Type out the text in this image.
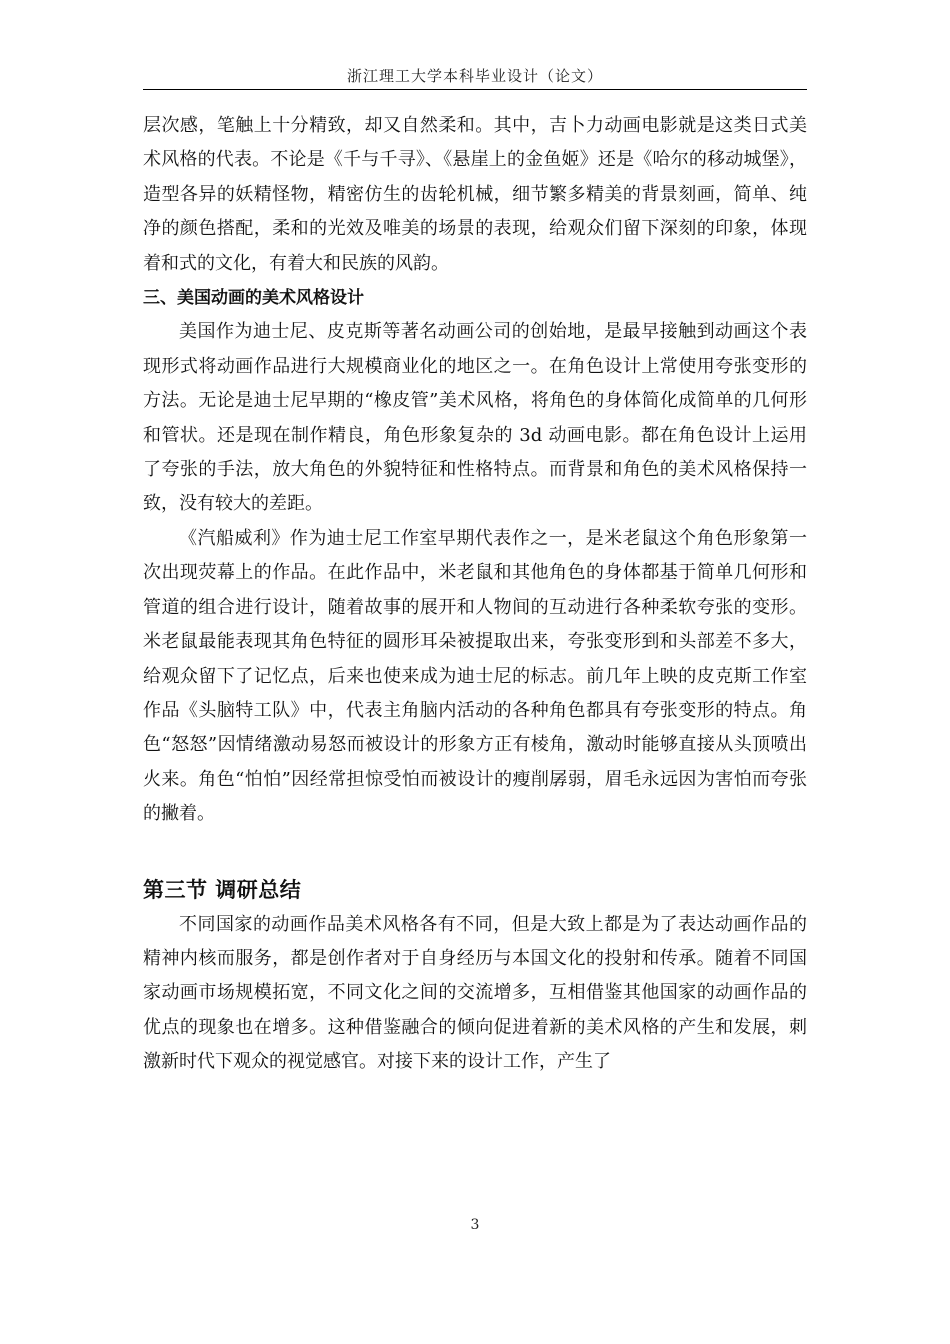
浙江理工大学本科毕业设计（论文）

层次感，笔触上十分精致，却又自然柔和。其中，吉卜力动画电影就是这类日式美术风格的代表。不论是《千与千寻》、《悬崖上的金鱼姬》还是《哈尔的移动城堡》，造型各异的妖精怪物，精密仿生的齿轮机械，细节繁多精美的背景刻画，简单、纯净的颜色搭配，柔和的光效及唯美的场景的表现，给观众们留下深刻的印象，体现着和式的文化，有着大和民族的风韵。

三、美国动画的美术风格设计

美国作为迪士尼、皮克斯等著名动画公司的创始地，是最早接触到动画这个表现形式将动画作品进行大规模商业化的地区之一。在角色设计上常使用夸张变形的方法。无论是迪士尼早期的“橡皮管”美术风格，将角色的身体简化成简单的几何形和管状。还是现在制作精良，角色形象复杂的 3d 动画电影。都在角色设计上运用了夸张的手法，放大角色的外貌特征和性格特点。而背景和角色的美术风格保持一致，没有较大的差距。

《汽船威利》作为迪士尼工作室早期代表作之一，是米老鼠这个角色形象第一次出现荧幕上的作品。在此作品中，米老鼠和其他角色的身体都基于简单几何形和管道的组合进行设计，随着故事的展开和人物间的互动进行各种柔软夸张的变形。米老鼠最能表现其角色特征的圆形耳朵被提取出来，夸张变形到和头部差不多大，给观众留下了记忆点，后来也使来成为迪士尼的标志。前几年上映的皮克斯工作室作品《头脑特工队》中，代表主角脑内活动的各种角色都具有夸张变形的特点。角色“怒怒”因情绪激动易怒而被设计的形象方正有棱角，激动时能够直接从头顶喷出火来。角色“怕怕”因经常担惊受怕而被设计的瘦削孱弱，眉毛永远因为害怕而夸张的撇着。

第三节 调研总结

不同国家的动画作品美术风格各有不同，但是大致上都是为了表达动画作品的精神内核而服务，都是创作者对于自身经历与本国文化的投射和传承。随着不同国家动画市场规模拓宽，不同文化之间的交流增多，互相借鉴其他国家的动画作品的优点的现象也在增多。这种借鉴融合的倾向促进着新的美术风格的产生和发展，刺激新时代下观众的视觉感官。对接下来的设计工作，产生了

3
